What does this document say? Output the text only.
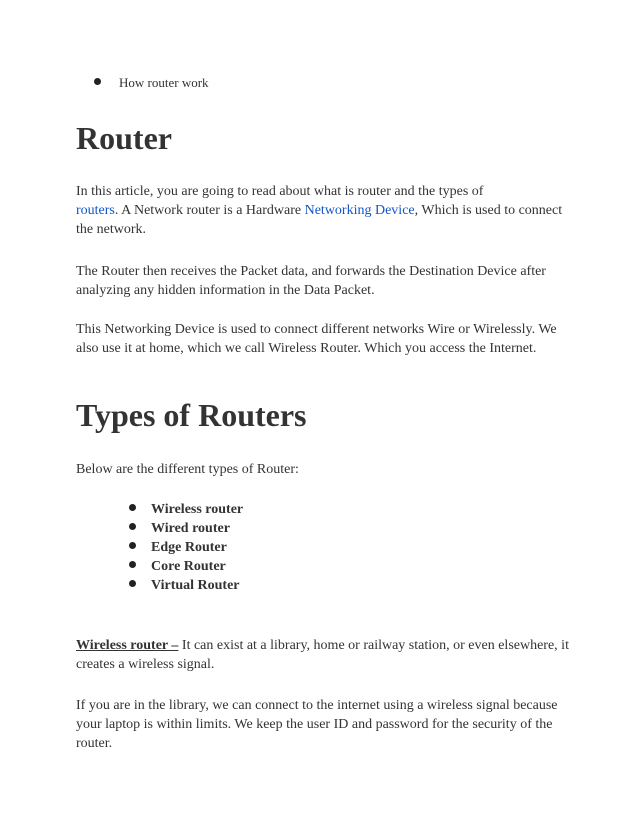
How router work
Router

In this article, you are going to read about what is router and the types of
routers. A Network router is a Hardware Networking Device, Which is used to connect the network.

The Router then receives the Packet data, and forwards the Destination Device after analyzing any hidden information in the Data Packet.

This Networking Device is used to connect different networks Wire or Wirelessly. We also use it at home, which we call Wireless Router. Which you access the Internet.

Types of Routers

Below are the different types of Router:

Wireless router
Wired router
Edge Router
Core Router
Virtual Router

Wireless router – It can exist at a library, home or railway station, or even elsewhere, it creates a wireless signal.

If you are in the library, we can connect to the internet using a wireless signal because your laptop is within limits. We keep the user ID and password for the security of the router.
